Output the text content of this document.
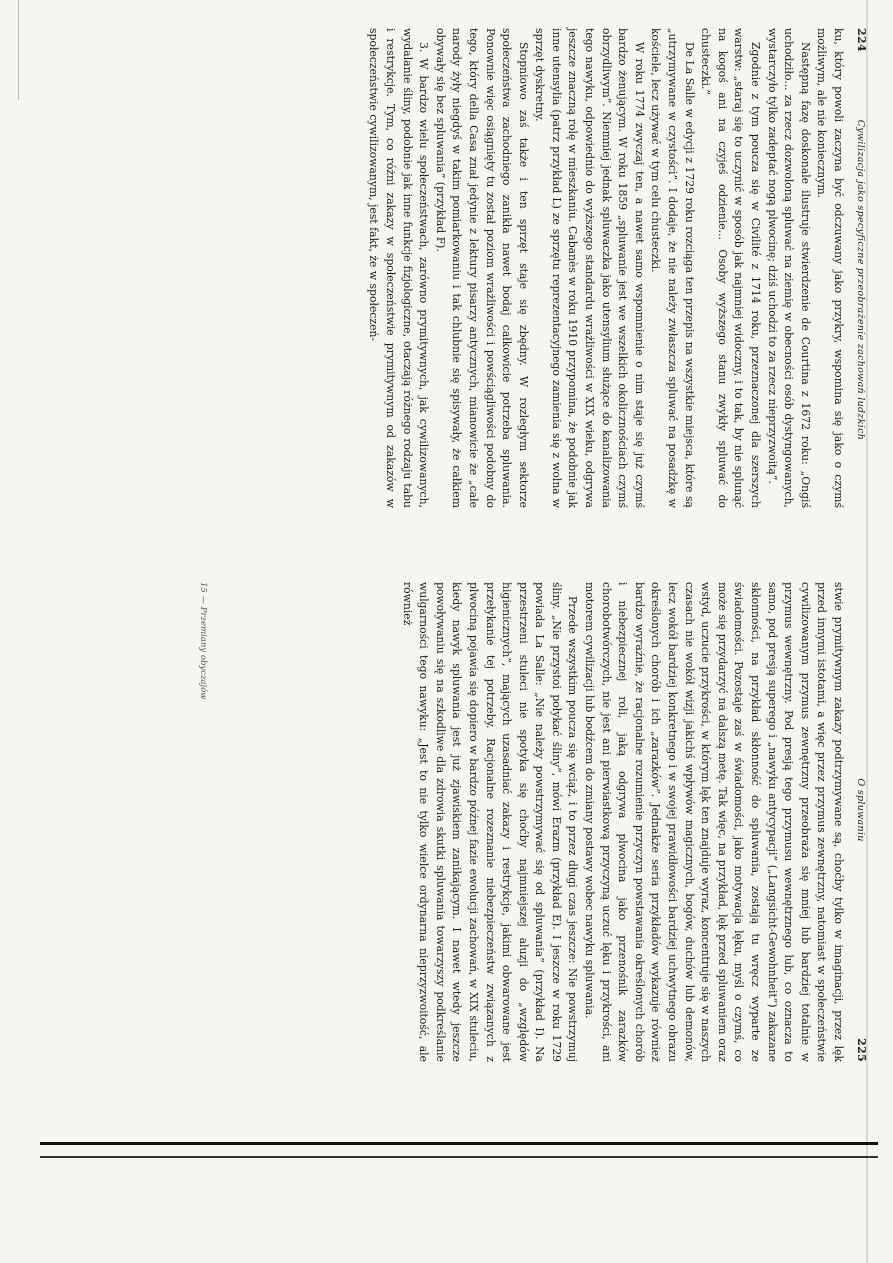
224
Cywilizacja jako specyficzne przeobrażenie zachowań ludzkich

ku, który powoli zaczyna być odczuwany jako przykry, wspomina się jako o czymś możliwym, ale nie koniecznym.

Następną fazę doskonale ilustruje stwierdzenie de Courtina z 1672 roku: „Ongiś uchodziło... za rzecz dozwoloną spluwać na ziemię w obecności osób dystyngowanych, wystarczyło tylko zadeptać nogą plwocinę; dziś uchodzi to za rzecz nieprzyzwoitą”.

Zgodnie z tym poucza się w Civilité z 1714 roku, przeznaczonej dla szerszych warstw: „staraj się to uczynić w sposób jak najmniej widoczny, i to tak, by nie splunąć na kogoś ani na czyjeś odzienie... Osoby wyższego stanu zwykły spluwać do chusteczki.”

De La Salle w edycji z 1729 roku rozciąga ten przepis na wszystkie miejsca, które są „utrzymywane w czystości”. I dodaje, że nie należy zwłaszcza spluwać na posadzkę w kościele, lecz używać w tym celu chusteczki.

W roku 1774 zwyczaj ten, a nawet samo wspomnienie o nim staje się już czymś bardzo żenującym. W roku 1859 „spluwanie jest we wszelkich okolicznościach czymś obrzydliwym”. Niemniej jednak spluwaczka jako utensylium służące do kanalizowania tego nawyku, odpowiednio do wyższego standardu wrażliwości w XIX wieku, odgrywa jeszcze znaczną rolę w mieszkaniu. Cabanès w roku 1910 przypomina, że podobnie jak inne utensylia (patrz przykład L) ze sprzętu reprezentacyjnego zamienia się z wolna w sprzęt dyskretny.

Stopniowo zaś także i ten sprzęt staje się zbędny. W rozległym sektorze społeczeństwa zachodniego zanikła nawet bodaj całkowicie potrzeba spluwania. Ponownie więc osiągnięty tu został poziom wrażliwości i powściągliwości podobny do tego, który della Casa znał jedynie z lektury pisarzy antycznych, mianowicie że „całe narody żyły niegdyś w takim pomiarkowaniu i tak chlubnie się spisywały, że całkiem obywały się bez spluwania” (przykład F).

3. W bardzo wielu społeczeństwach, zarówno prymitywnych, jak cywilizowanych, wydalanie śliny, podobnie jak inne funkcje fizjologiczne, otaczają różnego rodzaju tabu i restrykcje. Tym, co różni zakazy w społeczeństwie prymitywnym od zakazów w społeczeństwie cywilizowanym, jest fakt, że w społeczeń-

O spluwaniu
225

stwie prymitywnym zakazy podtrzymywane są, choćby tylko w imaginacji, przez lęk przed innymi istotami, a więc przez przymus zewnętrzny, natomiast w społeczeństwie cywilizowanym przymus zewnętrzny przeobraża się mniej lub bardziej totalnie w przymus wewnętrzny. Pod presją tego przymusu wewnętrznego lub, co oznacza to samo, pod presją superego i „nawyku antycypacji” („Langsicht-Gewohnheit”) zakazane skłonności, na przykład skłonność do spluwania, zostają tu wręcz wyparte ze świadomości. Pozostaje zaś w świadomości, jako motywacja lęku, myśl o czymś, co może się przydarzyć na dalszą metę. Tak więc, na przykład, lęk przed spluwaniem oraz wstyd, uczucie przykrości, w którym lęk ten znajduje wyraz, koncentruje się w naszych czasach nie wokół wizji jakichś wpływów magicznych, bogów, duchów lub demonów, lecz wokół bardziej konkretnego i w swojej prawidłowości bardziej uchwytnego obrazu określonych chorób i ich „zarazków”. Jednakże seria przykładów wykazuje również bardzo wyraźnie, że racjonalne rozumienie przyczyn powstawania określonych chorób i niebezpiecznej roli, jaką odgrywa plwocina jako przenośnik zarazków chorobotwórczych, nie jest ani pierwiastkową przyczyną uczuć lęku i przykrości, ani motorem cywilizacji lub bodźcem do zmiany postawy wobec nawyku spluwania.

Przede wszystkim poucza się wciąż, i to przez długi czas jeszcze: Nie powstrzymuj śliny. „Nie przystoi połykać śliny”, mówi Erazm (przykład E). I jeszcze w roku 1729 powiada La Salle: „Nie należy powstrzymywać się od spluwania” (przykład I). Na przestrzeni stuleci nie spotyka się choćby najmniejszej aluzji do „względów higienicznych”, mających uzasadniać zakazy i restrykcje, jakimi obwarowane jest przełykanie tej potrzeby. Racjonalne rozeznanie niebezpieczeństw związanych z plwociną pojawia się dopiero w bardzo późnej fazie ewolucji zachowań, w XIX stuleciu, kiedy nawyk spluwania jest już zjawiskiem zanikającym. I nawet wtedy jeszcze powoływaniu się na szkodliwe dla zdrowia skutki spluwania towarzyszy podkreślanie wulgarności tego nawyku: „Jest to nie tylko wielce ordynarna nieprzyzwoitość, ale również

15 — Przemiany obyczajów
